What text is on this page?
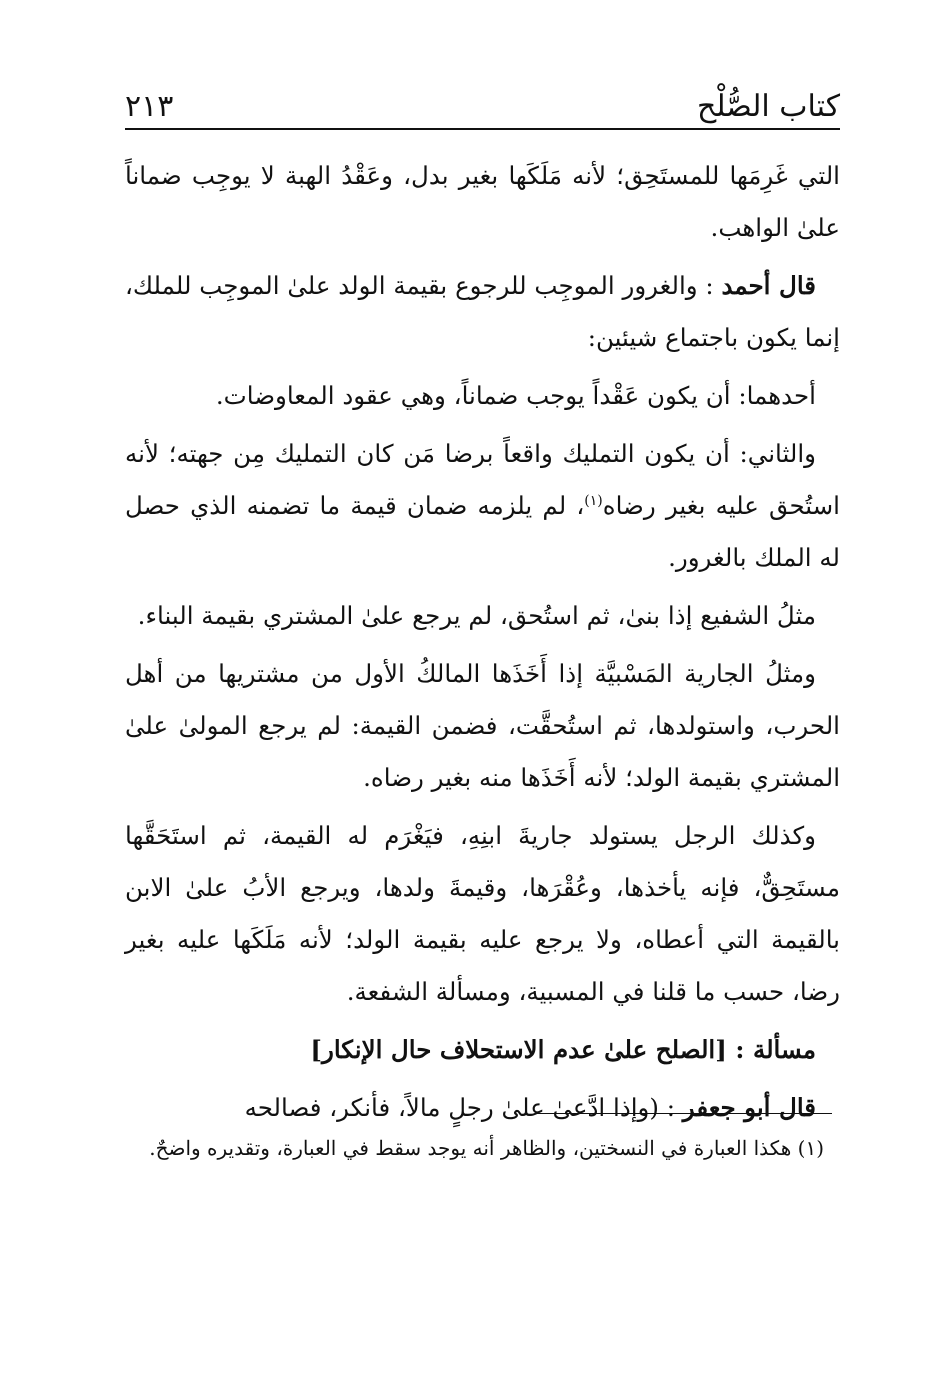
كتاب الصُّلْح
٢١٣

التي غَرِمَها للمستَحِق؛ لأنه مَلَكَها بغير بدل، وعَقْدُ الهبة لا يوجِب ضماناً علىٰ الواهب.

قال أحمد : والغرور الموجِب للرجوع بقيمة الولد علىٰ الموجِب للملك، إنما يكون باجتماع شيئين:

أحدهما: أن يكون عَقْداً يوجب ضماناً، وهي عقود المعاوضات.

والثاني: أن يكون التمليك واقعاً برضا مَن كان التمليك مِن جهته؛ لأنه استُحق عليه بغير رضاه$^{(١)}$، لم يلزمه ضمان قيمة ما تضمنه الذي حصل له الملك بالغرور.

مثلُ الشفيع إذا بنىٰ، ثم استُحق، لم يرجع علىٰ المشتري بقيمة البناء.

ومثلُ الجارية المَسْبيَّة إذا أَخَذَها المالكُ الأول من مشتريها من أهل الحرب، واستولدها، ثم استُحقَّت، فضمن القيمة: لم يرجع المولىٰ علىٰ المشتري بقيمة الولد؛ لأنه أَخَذَها منه بغير رضاه.

وكذلك الرجل يستولد جاريةَ ابنِهِ، فيَغْرَم له القيمة، ثم استَحَقَّها مستَحِقٌّ، فإنه يأخذها، وعُقْرَها، وقيمةَ ولدها، ويرجع الأبُ علىٰ الابن بالقيمة التي أعطاه، ولا يرجع عليه بقيمة الولد؛ لأنه مَلَكَها عليه بغير رضا، حسب ما قلنا في المسبية، ومسألة الشفعة.

مسألة : [الصلح علىٰ عدم الاستحلاف حال الإنكار]

قال أبو جعفر : (وإذا ادَّعىٰ علىٰ رجلٍ مالاً، فأنكر، فصالحه

(١) هكذا العبارة في النسختين، والظاهر أنه يوجد سقط في العبارة، وتقديره واضحٌ.
